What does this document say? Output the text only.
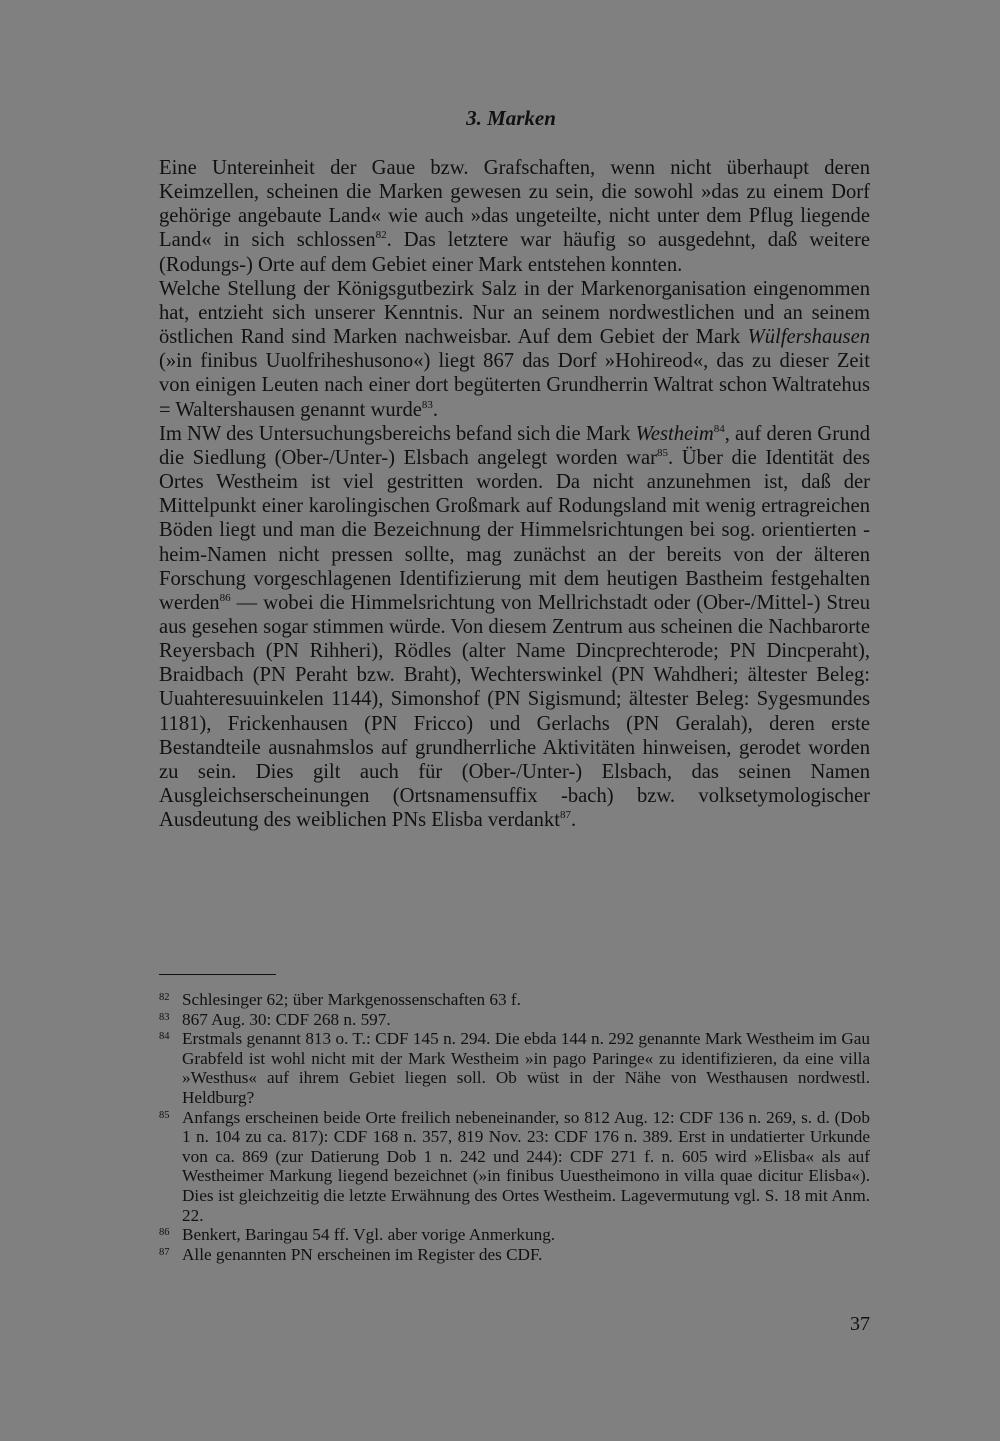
3. Marken

Eine Untereinheit der Gaue bzw. Grafschaften, wenn nicht überhaupt deren Keimzellen, scheinen die Marken gewesen zu sein, die sowohl »das zu einem Dorf gehörige angebaute Land« wie auch »das ungeteilte, nicht unter dem Pflug liegende Land« in sich schlossen$^{82}$. Das letztere war häufig so ausgedehnt, daß weitere (Rodungs-) Orte auf dem Gebiet einer Mark entstehen konnten.

Welche Stellung der Königsgutbezirk Salz in der Markenorganisation eingenommen hat, entzieht sich unserer Kenntnis. Nur an seinem nordwestlichen und an seinem östlichen Rand sind Marken nachweisbar. Auf dem Gebiet der Mark Wülfershausen (»in finibus Uuolfriheshusono«) liegt 867 das Dorf »Hohireod«, das zu dieser Zeit von einigen Leuten nach einer dort begüterten Grundherrin Waltrat schon Waltratehus = Waltershausen genannt wurde$^{83}$.

Im NW des Untersuchungsbereichs befand sich die Mark Westheim$^{84}$, auf deren Grund die Siedlung (Ober-/Unter-) Elsbach angelegt worden war$^{85}$. Über die Identität des Ortes Westheim ist viel gestritten worden. Da nicht anzunehmen ist, daß der Mittelpunkt einer karolingischen Großmark auf Rodungsland mit wenig ertragreichen Böden liegt und man die Bezeichnung der Himmelsrichtungen bei sog. orientierten -heim-Namen nicht pressen sollte, mag zunächst an der bereits von der älteren Forschung vorgeschlagenen Identifizierung mit dem heutigen Bastheim festgehalten werden$^{86}$ — wobei die Himmelsrichtung von Mellrichstadt oder (Ober-/Mittel-) Streu aus gesehen sogar stimmen würde. Von diesem Zentrum aus scheinen die Nachbarorte Reyersbach (PN Rihheri), Rödles (alter Name Dincprechterode; PN Dincperaht), Braidbach (PN Peraht bzw. Braht), Wechterswinkel (PN Wahdheri; ältester Beleg: Uuahteresuuinkelen 1144), Simonshof (PN Sigismund; ältester Beleg: Sygesmundes 1181), Frickenhausen (PN Fricco) und Gerlachs (PN Geralah), deren erste Bestandteile ausnahmslos auf grundherrliche Aktivitäten hinweisen, gerodet worden zu sein. Dies gilt auch für (Ober-/Unter-) Elsbach, das seinen Namen Ausgleichserscheinungen (Ortsnamensuffix -bach) bzw. volksetymologischer Ausdeutung des weiblichen PNs Elisba verdankt$^{87}$.

82 Schlesinger 62; über Markgenossenschaften 63 f.
83 867 Aug. 30: CDF 268 n. 597.
84 Erstmals genannt 813 o. T.: CDF 145 n. 294. Die ebda 144 n. 292 genannte Mark Westheim im Gau Grabfeld ist wohl nicht mit der Mark Westheim »in pago Paringe« zu identifizieren, da eine villa »Westhus« auf ihrem Gebiet liegen soll. Ob wüst in der Nähe von Westhausen nordwestl. Heldburg?
85 Anfangs erscheinen beide Orte freilich nebeneinander, so 812 Aug. 12: CDF 136 n. 269, s. d. (Dob 1 n. 104 zu ca. 817): CDF 168 n. 357, 819 Nov. 23: CDF 176 n. 389. Erst in undatierter Urkunde von ca. 869 (zur Datierung Dob 1 n. 242 und 244): CDF 271 f. n. 605 wird »Elisba« als auf Westheimer Markung liegend bezeichnet (»in finibus Uuestheimono in villa quae dicitur Elisba«). Dies ist gleichzeitig die letzte Erwähnung des Ortes Westheim. Lagevermutung vgl. S. 18 mit Anm. 22.
86 Benkert, Baringau 54 ff. Vgl. aber vorige Anmerkung.
87 Alle genannten PN erscheinen im Register des CDF.
37
